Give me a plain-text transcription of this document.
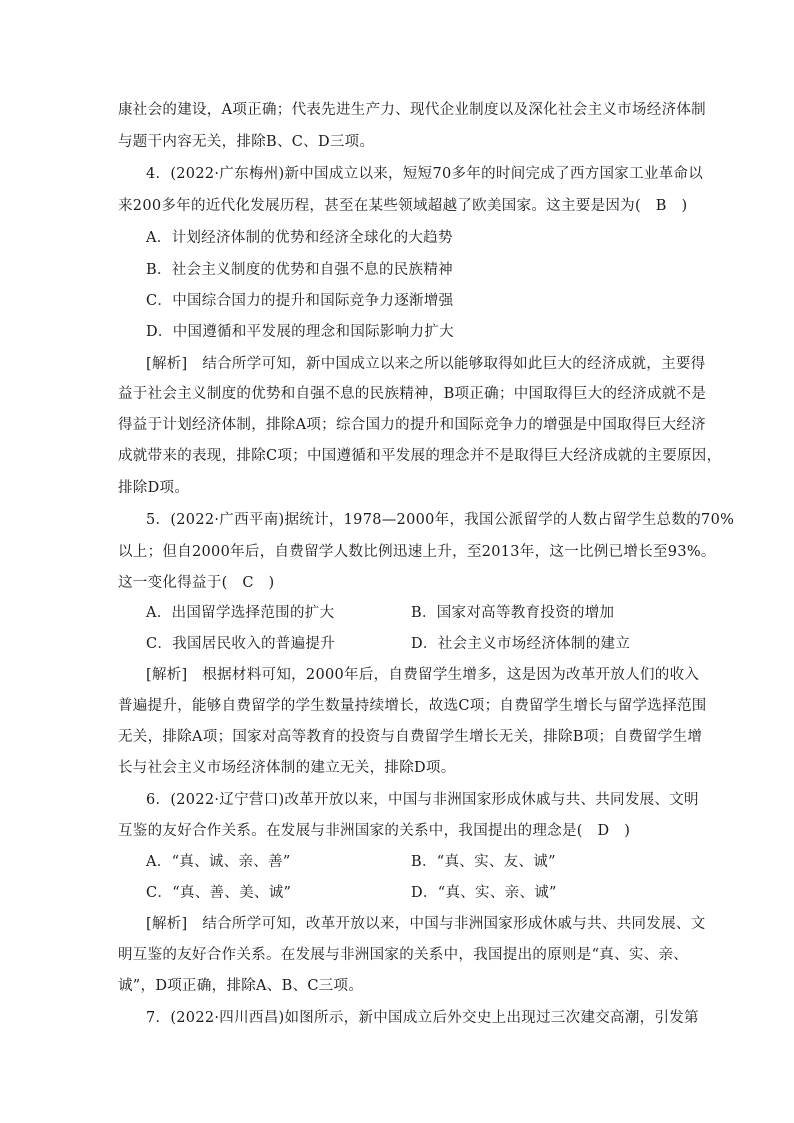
康社会的建设，A项正确；代表先进生产力、现代企业制度以及深化社会主义市场经济体制
与题干内容无关，排除B、C、D三项。
4．(2022·广东梅州)新中国成立以来，短短70多年的时间完成了西方国家工业革命以
来200多年的近代化发展历程，甚至在某些领域超越了欧美国家。这主要是因为(　B　)
A．计划经济体制的优势和经济全球化的大趋势
B．社会主义制度的优势和自强不息的民族精神
C．中国综合国力的提升和国际竞争力逐渐增强
D．中国遵循和平发展的理念和国际影响力扩大
[解析]　结合所学可知，新中国成立以来之所以能够取得如此巨大的经济成就，主要得
益于社会主义制度的优势和自强不息的民族精神，B项正确；中国取得巨大的经济成就不是
得益于计划经济体制，排除A项；综合国力的提升和国际竞争力的增强是中国取得巨大经济
成就带来的表现，排除C项；中国遵循和平发展的理念并不是取得巨大经济成就的主要原因，
排除D项。
5．(2022·广西平南)据统计，1978—2000年，我国公派留学的人数占留学生总数的70%
以上；但自2000年后，自费留学人数比例迅速上升，至2013年，这一比例已增长至93%。
这一变化得益于(　C　)
A．出国留学选择范围的扩大	B．国家对高等教育投资的增加
C．我国居民收入的普遍提升	D．社会主义市场经济体制的建立
[解析]　根据材料可知，2000年后，自费留学生增多，这是因为改革开放人们的收入
普遍提升，能够自费留学的学生数量持续增长，故选C项；自费留学生增长与留学选择范围
无关，排除A项；国家对高等教育的投资与自费留学生增长无关，排除B项；自费留学生增
长与社会主义市场经济体制的建立无关，排除D项。
6．(2022·辽宁营口)改革开放以来，中国与非洲国家形成休戚与共、共同发展、文明
互鉴的友好合作关系。在发展与非洲国家的关系中，我国提出的理念是(　D　)
A．“真、诚、亲、善”	B．“真、实、友、诚”
C．“真、善、美、诚”	D．“真、实、亲、诚”
[解析]　结合所学可知，改革开放以来，中国与非洲国家形成休戚与共、共同发展、文
明互鉴的友好合作关系。在发展与非洲国家的关系中，我国提出的原则是“真、实、亲、
诚”，D项正确，排除A、B、C三项。
7．(2022·四川西昌)如图所示，新中国成立后外交史上出现过三次建交高潮，引发第
